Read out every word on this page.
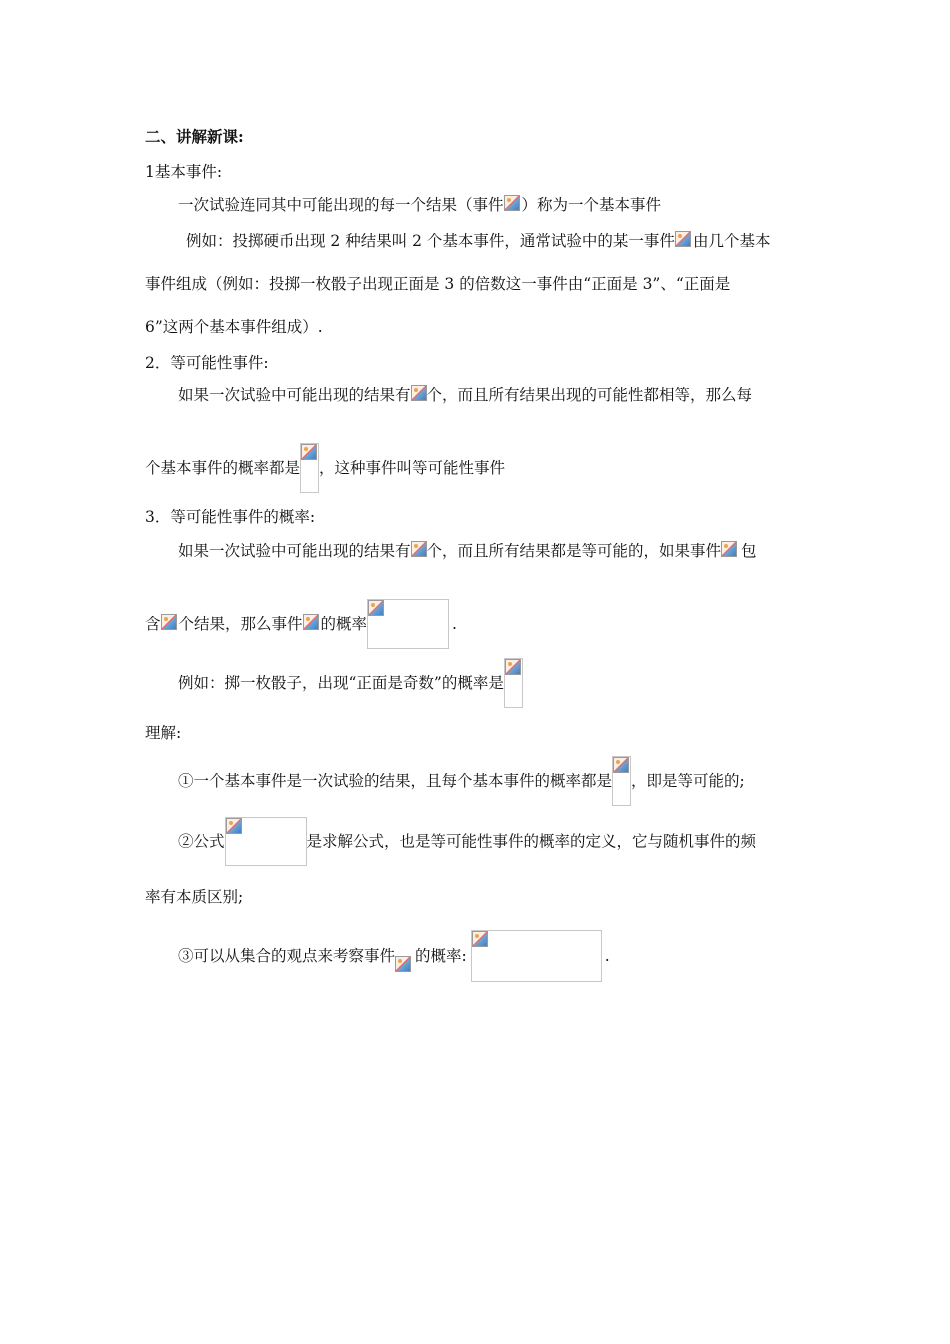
二、讲解新课:
1基本事件:
一次试验连同其中可能出现的每一个结果（事件 ）称为一个基本事件
例如：投掷硬币出现 2 种结果叫 2 个基本事件，通常试验中的某一事件 由几个基本
事件组成（例如：投掷一枚骰子出现正面是 3 的倍数这一事件由“正面是 3”、“正面是
6”这两个基本事件组成）.
2．等可能性事件:
如果一次试验中可能出现的结果有 个，而且所有结果出现的可能性都相等，那么每
个基本事件的概率都是 ，这种事件叫等可能性事件
3．等可能性事件的概率:
如果一次试验中可能出现的结果有 个，而且所有结果都是等可能的，如果事件 包
含 个结果，那么事件 的概率	.
例如：掷一枚骰子，出现“正面是奇数”的概率是
理解:
①一个基本事件是一次试验的结果，且每个基本事件的概率都是 ，即是等可能的;
②公式	是求解公式，也是等可能性事件的概率的定义，它与随机事件的频
率有本质区别;
③可以从集合的观点来考察事件 的概率:	.
